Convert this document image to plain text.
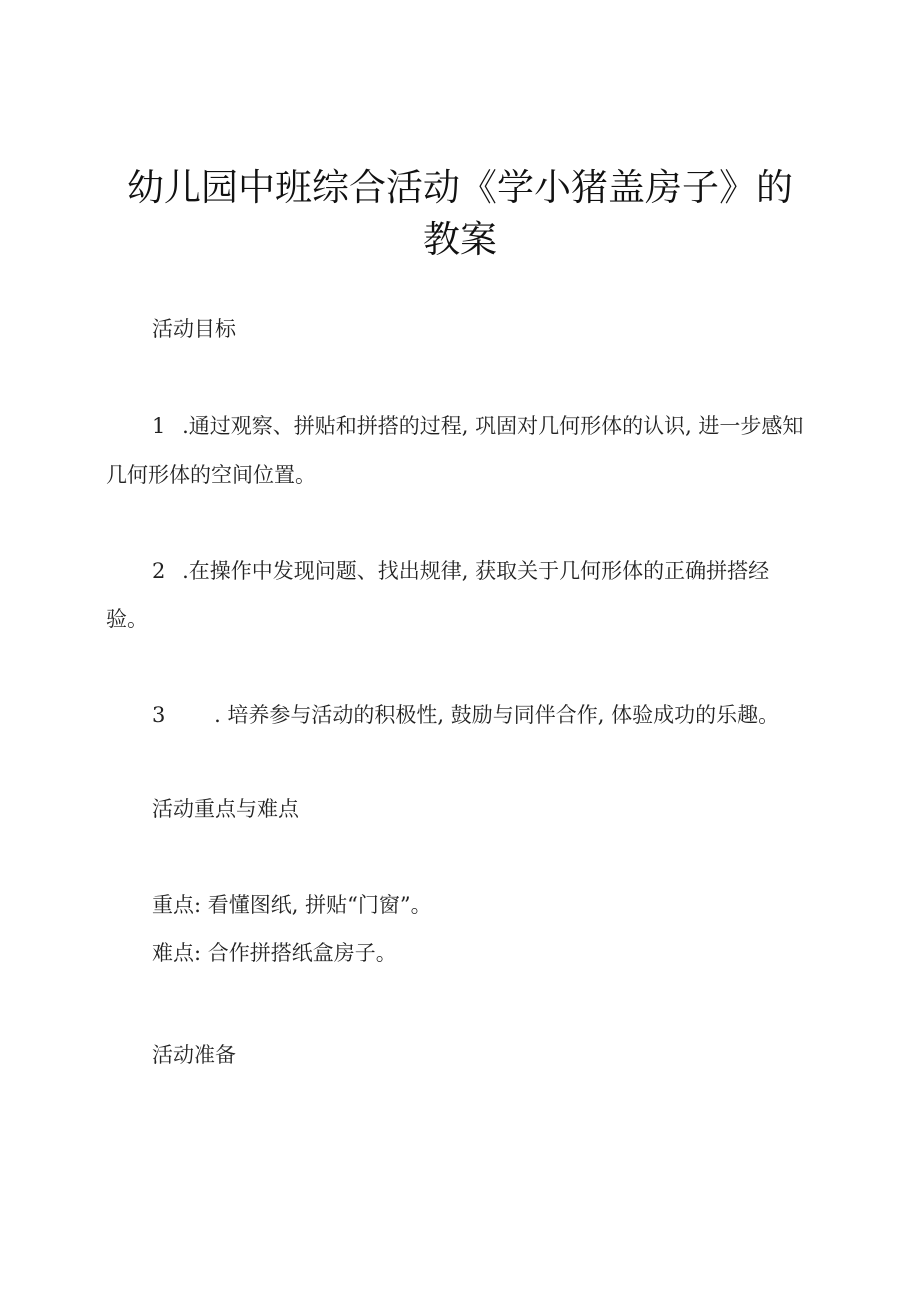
幼儿园中班综合活动《学小猪盖房子》的
教案
活动目标
1 .通过观察、拼贴和拼搭的过程, 巩固对几何形体的认识, 进一步感知
几何形体的空间位置。
2 .在操作中发现问题、找出规律, 获取关于几何形体的正确拼搭经
验。
3 . 培养参与活动的积极性, 鼓励与同伴合作, 体验成功的乐趣。
活动重点与难点
重点: 看懂图纸, 拼贴“门窗”。
难点: 合作拼搭纸盒房子。
活动准备
